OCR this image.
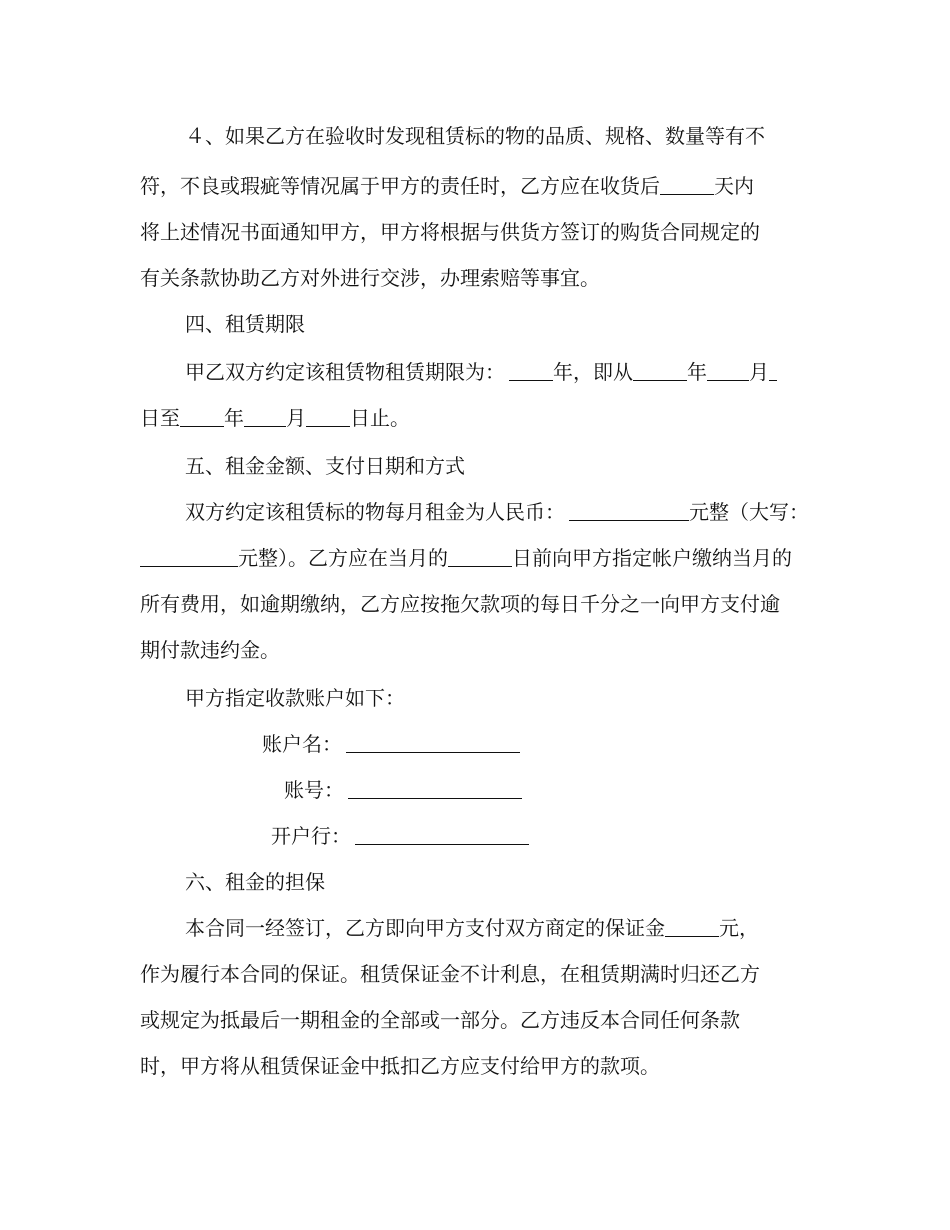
４、如果乙方在验收时发现租赁标的物的品质、规格、数量等有不
符，不良或瑕疵等情况属于甲方的责任时，乙方应在收货后	天内
将上述情况书面通知甲方，甲方将根据与供货方签订的购货合同规定的
有关条款协助乙方对外进行交涉，办理索赔等事宜。
四、租赁期限
甲乙双方约定该租赁物租赁期限为： 年，即从	年 月
日至 年 月 日止。
五、租金金额、支付日期和方式
双方约定该租赁标的物每月租金为人民币：	元整（大写：
元整）。乙方应在当月的	日前向甲方指定帐户缴纳当月的
所有费用，如逾期缴纳，乙方应按拖欠款项的每日千分之一向甲方支付逾
期付款违约金。
甲方指定收款账户如下：
账户名：
账号：
开户行：
六、租金的担保
本合同一经签订，乙方即向甲方支付双方商定的保证金	元，
作为履行本合同的保证。租赁保证金不计利息，在租赁期满时归还乙方
或规定为抵最后一期租金的全部或一部分。乙方违反本合同任何条款
时，甲方将从租赁保证金中抵扣乙方应支付给甲方的款项。
